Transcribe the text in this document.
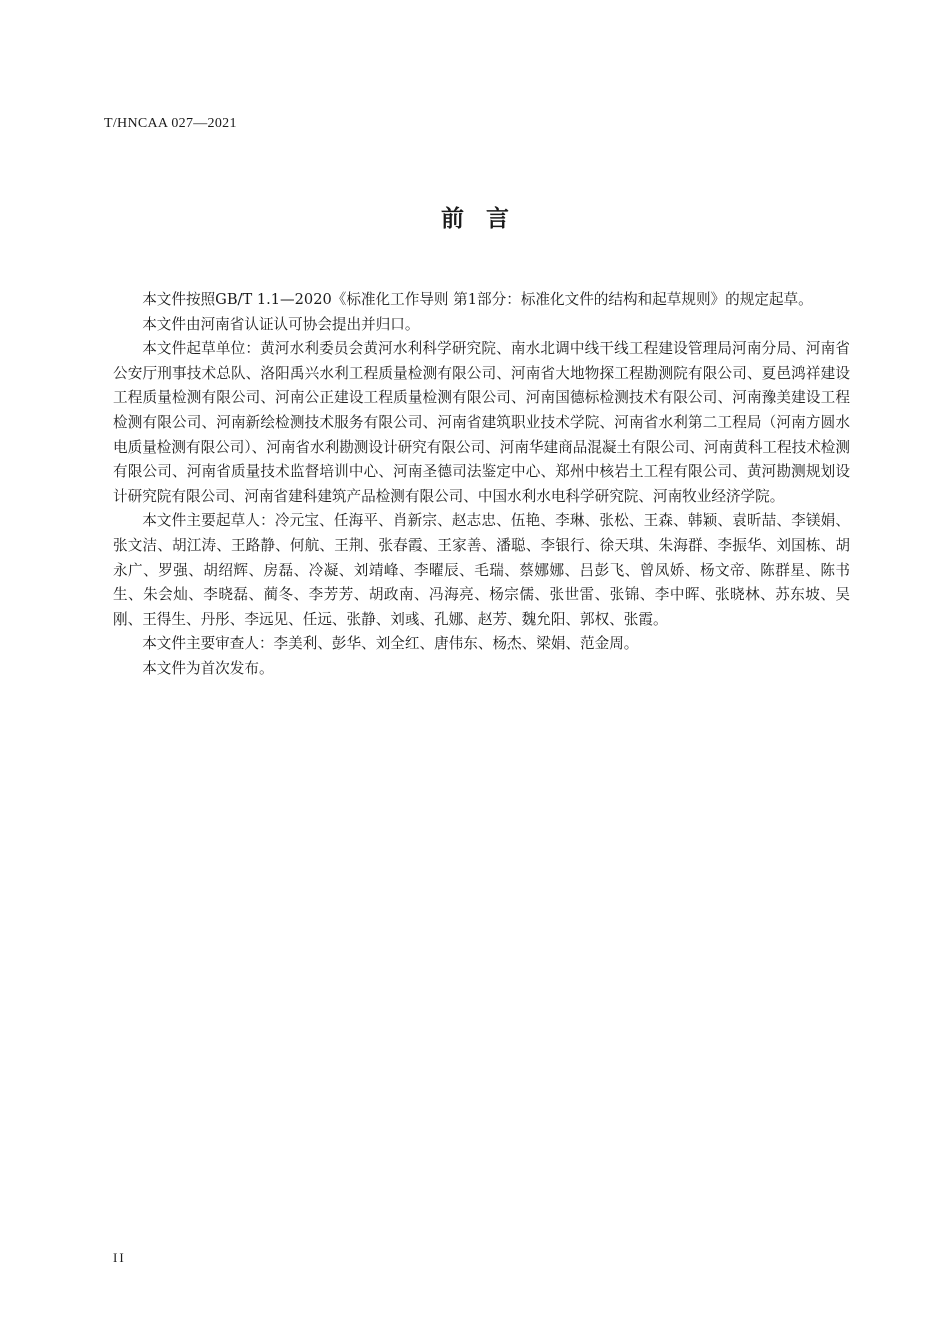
T/HNCAA 027—2021
前言

本文件按照GB/T 1.1—2020《标准化工作导则 第1部分：标准化文件的结构和起草规则》的规定起草。

本文件由河南省认证认可协会提出并归口。

本文件起草单位：黄河水利委员会黄河水利科学研究院、南水北调中线干线工程建设管理局河南分局、河南省公安厅刑事技术总队、洛阳禹兴水利工程质量检测有限公司、河南省大地物探工程勘测院有限公司、夏邑鸿祥建设工程质量检测有限公司、河南公正建设工程质量检测有限公司、河南国德标检测技术有限公司、河南豫美建设工程检测有限公司、河南新绘检测技术服务有限公司、河南省建筑职业技术学院、河南省水利第二工程局（河南方圆水电质量检测有限公司）、河南省水利勘测设计研究有限公司、河南华建商品混凝土有限公司、河南黄科工程技术检测有限公司、河南省质量技术监督培训中心、河南圣德司法鉴定中心、郑州中核岩土工程有限公司、黄河勘测规划设计研究院有限公司、河南省建科建筑产品检测有限公司、中国水利水电科学研究院、河南牧业经济学院。

本文件主要起草人：冷元宝、任海平、肖新宗、赵志忠、伍艳、李琳、张松、王森、韩颖、袁昕喆、李镁娟、张文洁、胡江涛、王路静、何航、王荆、张春霞、王家善、潘聪、李银行、徐天琪、朱海群、李振华、刘国栋、胡永广、罗强、胡绍辉、房磊、冷凝、刘靖峰、李曜辰、毛瑞、蔡娜娜、吕彭飞、曾凤娇、杨文帝、陈群星、陈书生、朱会灿、李晓磊、蔺冬、李芳芳、胡政南、冯海亮、杨宗儒、张世雷、张锦、李中晖、张晓林、苏东坡、吴刚、王得生、丹彤、李远见、任远、张静、刘彧、孔娜、赵芳、魏允阳、郭权、张霞。

本文件主要审查人：李美利、彭华、刘全红、唐伟东、杨杰、梁娟、范金周。

本文件为首次发布。

II
